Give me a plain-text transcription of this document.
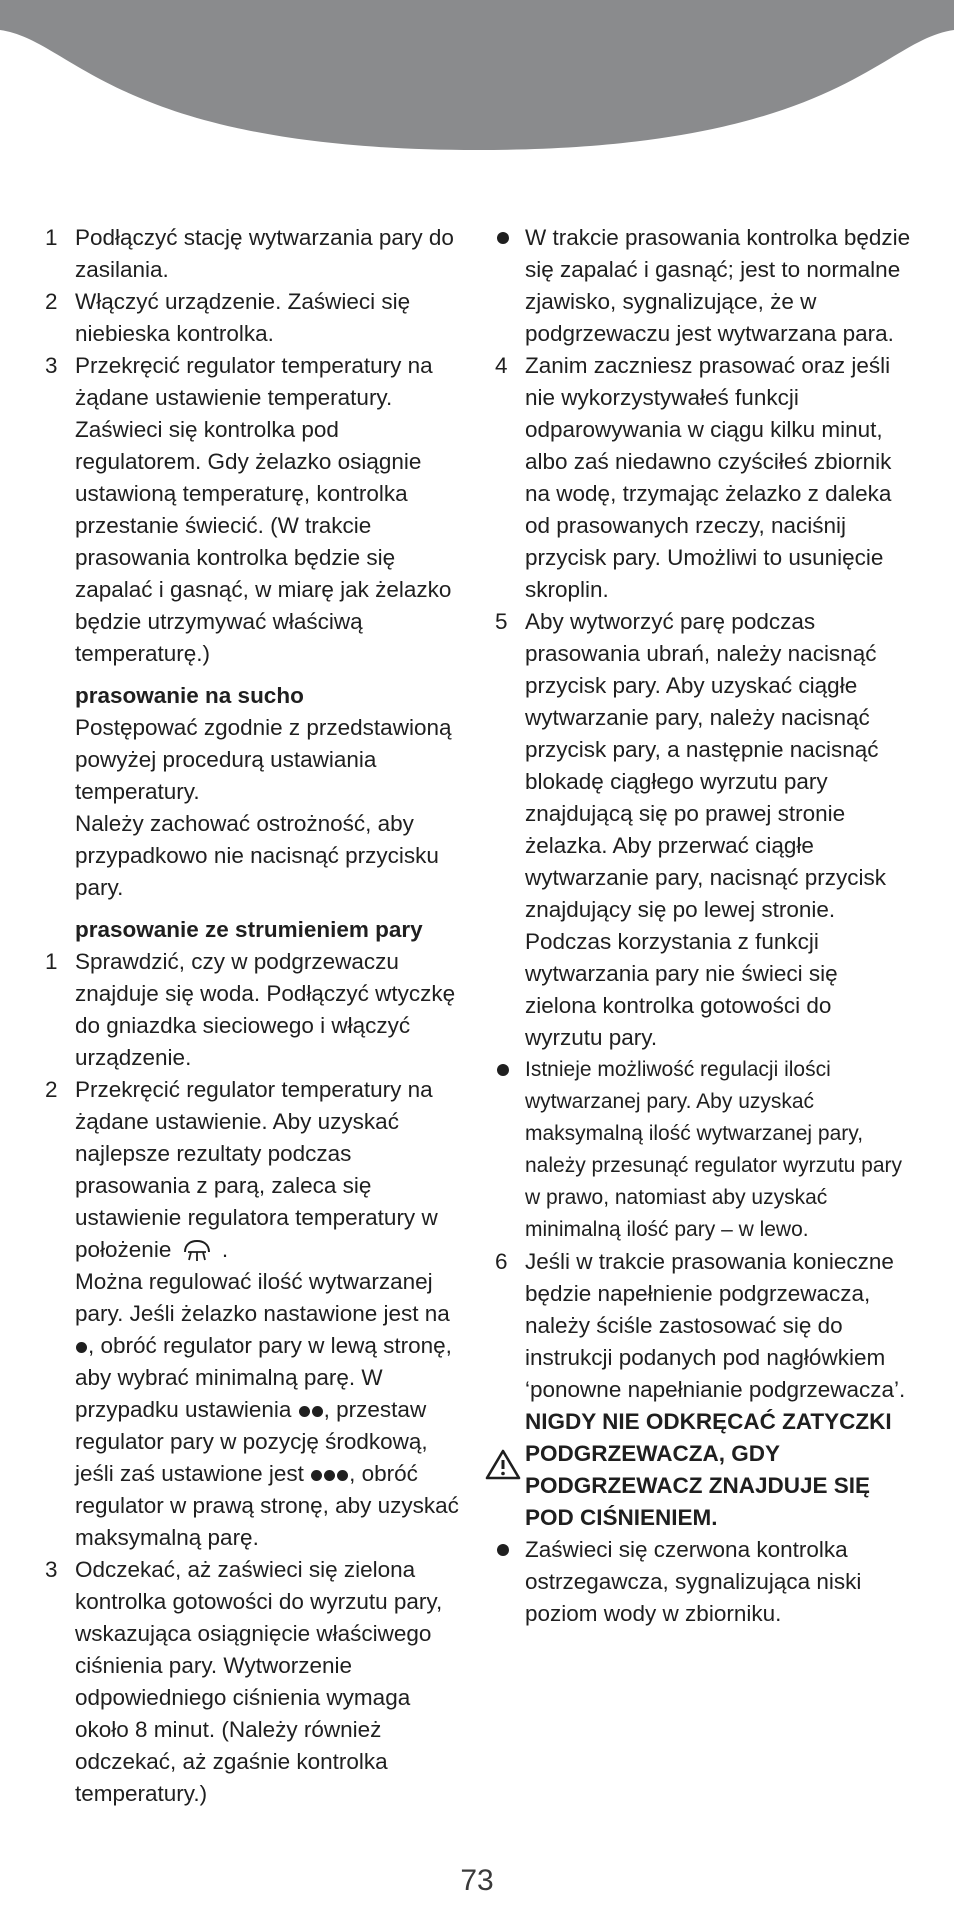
1 Podłączyć stację wytwarzania pary do zasilania.
2 Włączyć urządzenie. Zaświeci się niebieska kontrolka.
3 Przekręcić regulator temperatury na żądane ustawienie temperatury. Zaświeci się kontrolka pod regulatorem. Gdy żelazko osiągnie ustawioną temperaturę, kontrolka przestanie świecić. (W trakcie prasowania kontrolka będzie się zapalać i gasnąć, w miarę jak żelazko będzie utrzymywać właściwą temperaturę.)
prasowanie na sucho
Postępować zgodnie z przedstawioną powyżej procedurą ustawiania temperatury.
Należy zachować ostrożność, aby przypadkowo nie nacisnąć przycisku pary.
prasowanie ze strumieniem pary
1 Sprawdzić, czy w podgrzewaczu znajduje się woda. Podłączyć wtyczkę do gniazdka sieciowego i włączyć urządzenie.
2 Przekręcić regulator temperatury na żądane ustawienie. Aby uzyskać najlepsze rezultaty podczas prasowania z parą, zaleca się ustawienie regulatora temperatury w położenie .
Można regulować ilość wytwarzanej pary. Jeśli żelazko nastawione jest na , obróć regulator pary w lewą stronę, aby wybrać minimalną parę. W przypadku ustawienia , przestaw regulator pary w pozycję środkową, jeśli zaś ustawione jest , obróć regulator w prawą stronę, aby uzyskać maksymalną parę.
3 Odczekać, aż zaświeci się zielona kontrolka gotowości do wyrzutu pary, wskazująca osiągnięcie właściwego ciśnienia pary. Wytworzenie odpowiedniego ciśnienia wymaga około 8 minut. (Należy również odczekać, aż zgaśnie kontrolka temperatury.)
W trakcie prasowania kontrolka będzie się zapalać i gasnąć; jest to normalne zjawisko, sygnalizujące, że w podgrzewaczu jest wytwarzana para.
4 Zanim zaczniesz prasować oraz jeśli nie wykorzystywałeś funkcji odparowywania w ciągu kilku minut, albo zaś niedawno czyściłeś zbiornik na wodę, trzymając żelazko z daleka od prasowanych rzeczy, naciśnij przycisk pary. Umożliwi to usunięcie skroplin.
5 Aby wytworzyć parę podczas prasowania ubrań, należy nacisnąć przycisk pary. Aby uzyskać ciągłe wytwarzanie pary, należy nacisnąć przycisk pary, a następnie nacisnąć blokadę ciągłego wyrzutu pary znajdującą się po prawej stronie żelazka. Aby przerwać ciągłe wytwarzanie pary, nacisnąć przycisk znajdujący się po lewej stronie. Podczas korzystania z funkcji wytwarzania pary nie świeci się zielona kontrolka gotowości do wyrzutu pary.
Istnieje możliwość regulacji ilości wytwarzanej pary. Aby uzyskać maksymalną ilość wytwarzanej pary, należy przesunąć regulator wyrzutu pary w prawo, natomiast aby uzyskać minimalną ilość pary – w lewo.
6 Jeśli w trakcie prasowania konieczne będzie napełnienie podgrzewacza, należy ściśle zastosować się do instrukcji podanych pod nagłówkiem ‘ponowne napełnianie podgrzewacza’.
NIGDY NIE ODKRĘCAĆ ZATYCZKI PODGRZEWACZA, GDY PODGRZEWACZ ZNAJDUJE SIĘ POD CIŚNIENIEM.
Zaświeci się czerwona kontrolka ostrzegawcza, sygnalizująca niski poziom wody w zbiorniku.
73
